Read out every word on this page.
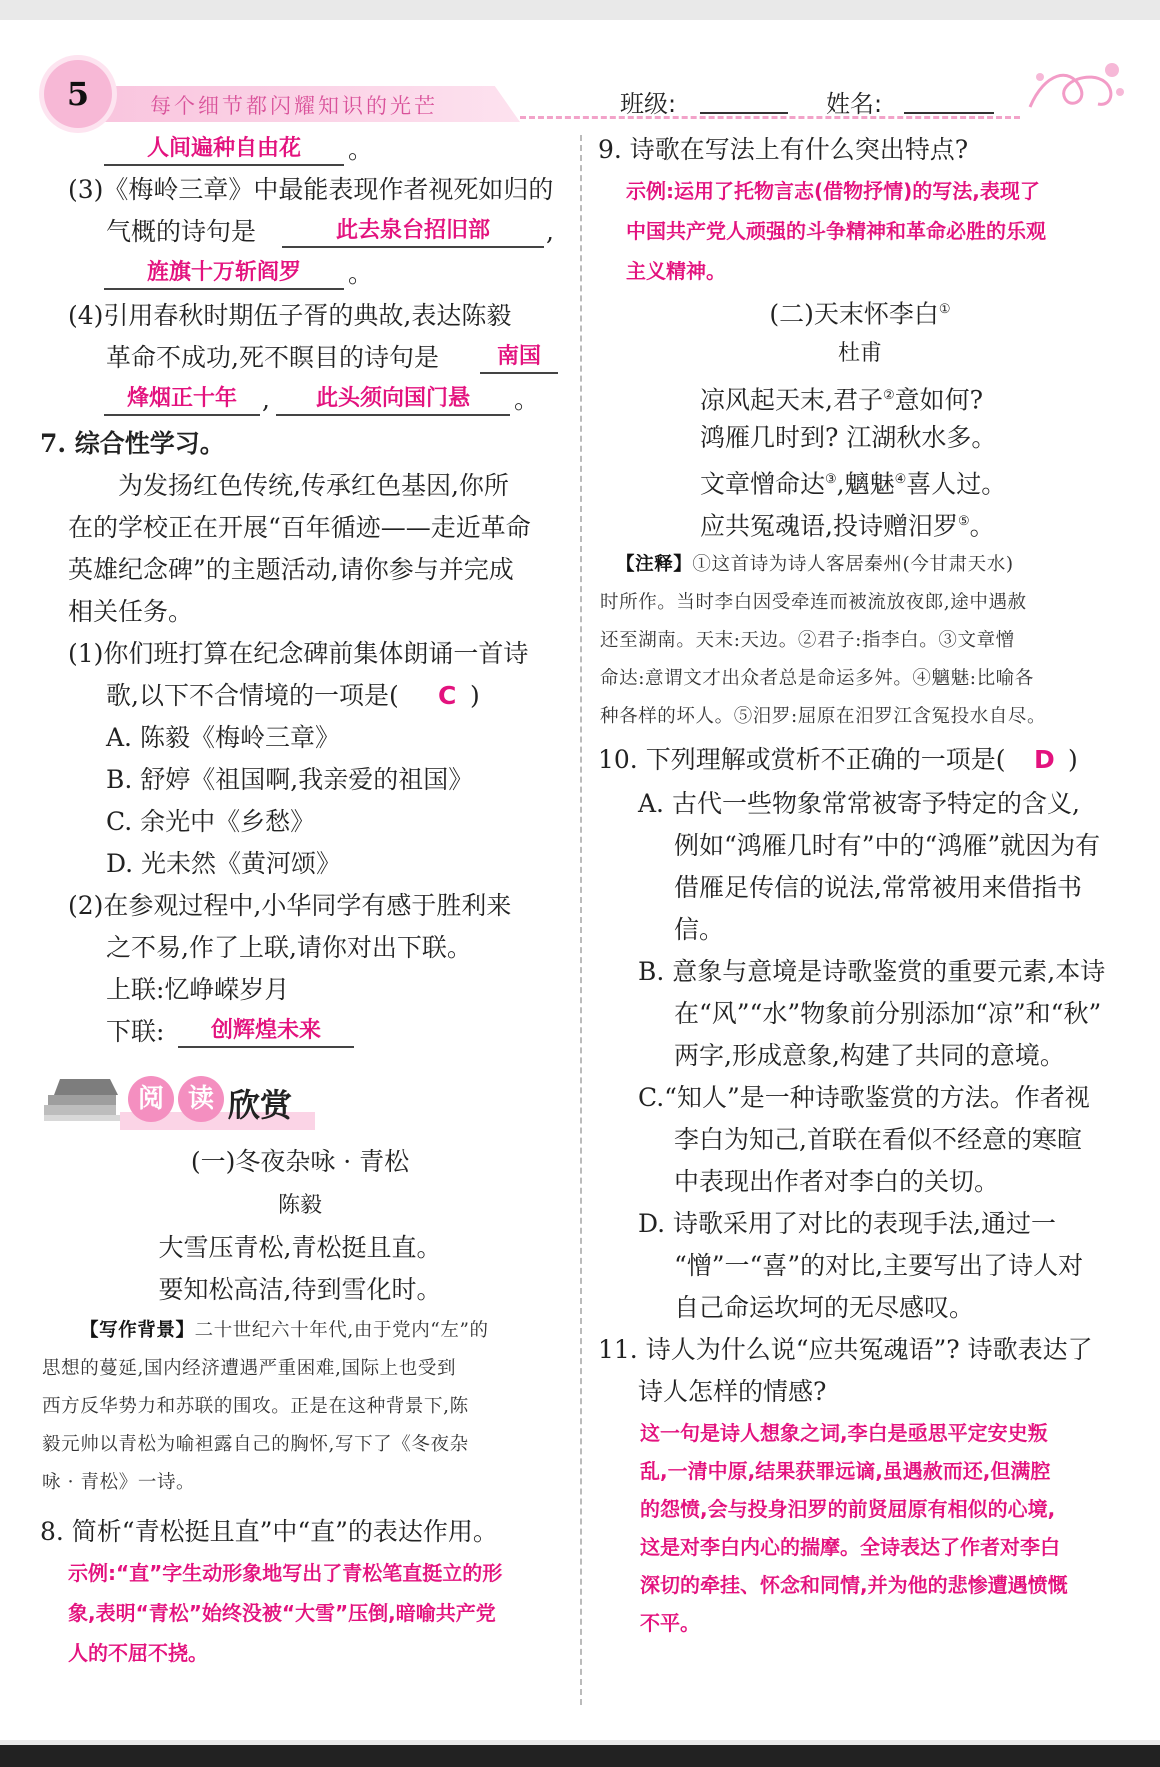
5	每个细节都闪耀知识的光芒	班级:	姓名:
人间遍种自由花	。
(3)《梅岭三章》中最能表现作者视死如归的
气概的诗句是	此去泉台招旧部	,
旌旗十万斩阎罗	。
(4)引用春秋时期伍子胥的典故,表达陈毅
革命不成功,死不瞑目的诗句是	南国
烽烟正十年	,	此头须向国门悬	。
7. 综合性学习。
为发扬红色传统,传承红色基因,你所
在的学校正在开展“百年循迹——走近革命
英雄纪念碑”的主题活动,请你参与并完成
相关任务。
(1)你们班打算在纪念碑前集体朗诵一首诗
歌,以下不合情境的一项是( C )
A. 陈毅《梅岭三章》
B. 舒婷《祖国啊,我亲爱的祖国》
C. 余光中《乡愁》
D. 光未然《黄河颂》
(2)在参观过程中,小华同学有感于胜利来
之不易,作了上联,请你对出下联。
上联:忆峥嵘岁月
下联:	创辉煌未来
阅 读 欣赏
(一)冬夜杂咏 · 青松
陈毅
大雪压青松,青松挺且直。
要知松高洁,待到雪化时。
【写作背景】二十世纪六十年代,由于党内“左”的
思想的蔓延,国内经济遭遇严重困难,国际上也受到
西方反华势力和苏联的围攻。正是在这种背景下,陈
毅元帅以青松为喻袒露自己的胸怀,写下了《冬夜杂
咏 · 青松》一诗。
8. 简析“青松挺且直”中“直”的表达作用。
示例:“直”字生动形象地写出了青松笔直挺立的形
象,表明“青松”始终没被“大雪”压倒,暗喻共产党
人的不屈不挠。
9. 诗歌在写法上有什么突出特点?
示例:运用了托物言志(借物抒情)的写法,表现了
中国共产党人顽强的斗争精神和革命必胜的乐观
主义精神。
(二)天末怀李白①
杜甫
凉风起天末,君子②意如何?
鸿雁几时到? 江湖秋水多。
文章憎命达③,魑魅④喜人过。
应共冤魂语,投诗赠汨罗⑤。
【注释】①这首诗为诗人客居秦州(今甘肃天水)
时所作。当时李白因受牵连而被流放夜郎,途中遇赦
还至湖南。天末:天边。②君子:指李白。③文章憎
命达:意谓文才出众者总是命运多舛。④魑魅:比喻各
种各样的坏人。⑤汨罗:屈原在汨罗江含冤投水自尽。
10. 下列理解或赏析不正确的一项是( D )
A. 古代一些物象常常被寄予特定的含义,
例如“鸿雁几时有”中的“鸿雁”就因为有
借雁足传信的说法,常常被用来借指书
信。
B. 意象与意境是诗歌鉴赏的重要元素,本诗
在“风”“水”物象前分别添加“凉”和“秋”
两字,形成意象,构建了共同的意境。
C.“知人”是一种诗歌鉴赏的方法。作者视
李白为知己,首联在看似不经意的寒暄
中表现出作者对李白的关切。
D. 诗歌采用了对比的表现手法,通过一
“憎”一“喜”的对比,主要写出了诗人对
自己命运坎坷的无尽感叹。
11. 诗人为什么说“应共冤魂语”? 诗歌表达了
诗人怎样的情感?
这一句是诗人想象之词,李白是亟思平定安史叛
乱,一清中原,结果获罪远谪,虽遇赦而还,但满腔
的怨愤,会与投身汨罗的前贤屈原有相似的心境,
这是对李白内心的揣摩。全诗表达了作者对李白
深切的牵挂、怀念和同情,并为他的悲惨遭遇愤慨
不平。
